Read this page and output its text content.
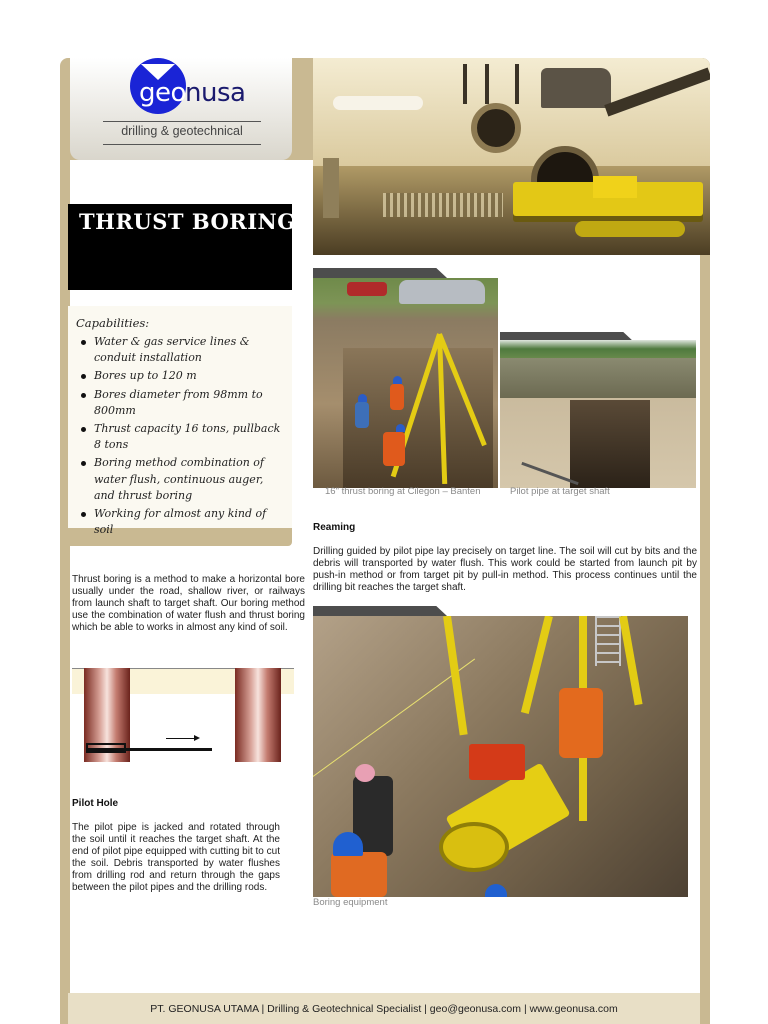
geo nusa
drilling & geotechnical
THRUST BORING
Capabilities:
Water & gas service lines & conduit installation
Bores up to 120 m
Bores diameter from 98mm to 800mm
Thrust capacity 16 tons, pullback 8 tons
Boring method combination of water flush, continuous auger, and thrust boring
Working for almost any kind of soil
Thrust boring is a method to make a horizontal bore usually under the road, shallow river, or railways from launch shaft to target shaft. Our boring method use the combination of water flush and thrust boring which be able to works in almost any kind of soil.
Pilot Hole
The pilot pipe is jacked and rotated through the soil until it reaches the target shaft. At the end of pilot pipe equipped with cutting bit to cut the soil. Debris transported by water flushes from drilling rod and return through the gaps between the pilot pipes and the drilling rods.
16" thrust boring at Cilegon – Banten	Pilot pipe at target shaft
Reaming
Drilling guided by pilot pipe lay precisely on target line. The soil will cut by bits and the debris will transported by water flush. This work could be started from launch pit by push-in method or from target pit by pull-in method. This process continues until the drilling bit reaches the target shaft.
Boring equipment
PT. GEONUSA UTAMA | Drilling & Geotechnical Specialist | geo@geonusa.com | www.geonusa.com
